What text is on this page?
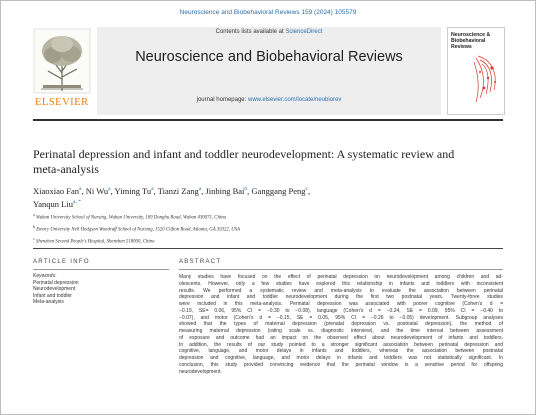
Neuroscience and Biobehavioral Reviews 159 (2024) 105579
ELSEVIER
Contents lists available at ScienceDirect
Neuroscience and Biobehavioral Reviews
journal homepage: www.elsevier.com/locate/neubiorev
Neuroscience & Biobehavioral Reviews
Perinatal depression and infant and toddler neurodevelopment: A systematic review and meta-analysis
Xiaoxiao Fan$^a$, Ni Wu$^a$, Yiming Tu$^a$, Tianzi Zang$^a$, Jinbing Bai$^b$, Ganggang Peng$^c$,
Yanqun Liu$^{a, *}$
$^a$ Wuhan University School of Nursing, Wuhan University, 169 Donghu Road, Wuhan 430071, China
$^b$ Emory University Nell Hodgson Woodruff School of Nursing, 1520 Clifton Road, Atlanta, GA 30322, USA
$^c$ Shenzhen Second People’s Hospital, Shenzhen 518000, China
ARTICLE INFO	ABSTRACT
Keywords:
Perinatal depression
Neurodevelopment
Infant and toddler
Meta-analysis
Many studies have focused on the effect of perinatal depression on neurodevelopment among children and ad-
olescents. However, only a few studies have explored this relationship in infants and toddlers with inconsistent
results. We performed a systematic review and meta-analysis to evaluate the association between perinatal
depression and infant and toddler neurodevelopment during the first two postnatal years. Twenty-three studies
were included in this meta-analysis. Perinatal depression was associated with poorer cognitive (Cohen’s d =
−0.19, SE= 0.06, 95% CI = −0.30 to −0.08), language (Cohen’s d = −0.24, SE = 0.09, 95% CI = −0.40 to
−0.07), and motor (Cohen’s d = −0.15, SE = 0.05, 95% CI = −0.26 to −0.05) development. Subgroup analyses
showed that the types of maternal depression (prenatal depression vs. postnatal depression), the method of
measuring maternal depression (rating scale vs. diagnostic interview), and the time interval between assessment
of exposure and outcome had an impact on the observed effect about neurodevelopment of infants and toddlers.
In addition, the results of our study pointed to a stronger significant association between perinatal depression and
cognitive, language, and motor delays in infants and toddlers, whereas the association between postnatal
depression and cognitive, language, and motor delays in infants and toddlers was not statistically significant. In
conclusion, this study provided convincing evidence that the perinatal window is a sensitive period for offspring
neurodevelopment.
